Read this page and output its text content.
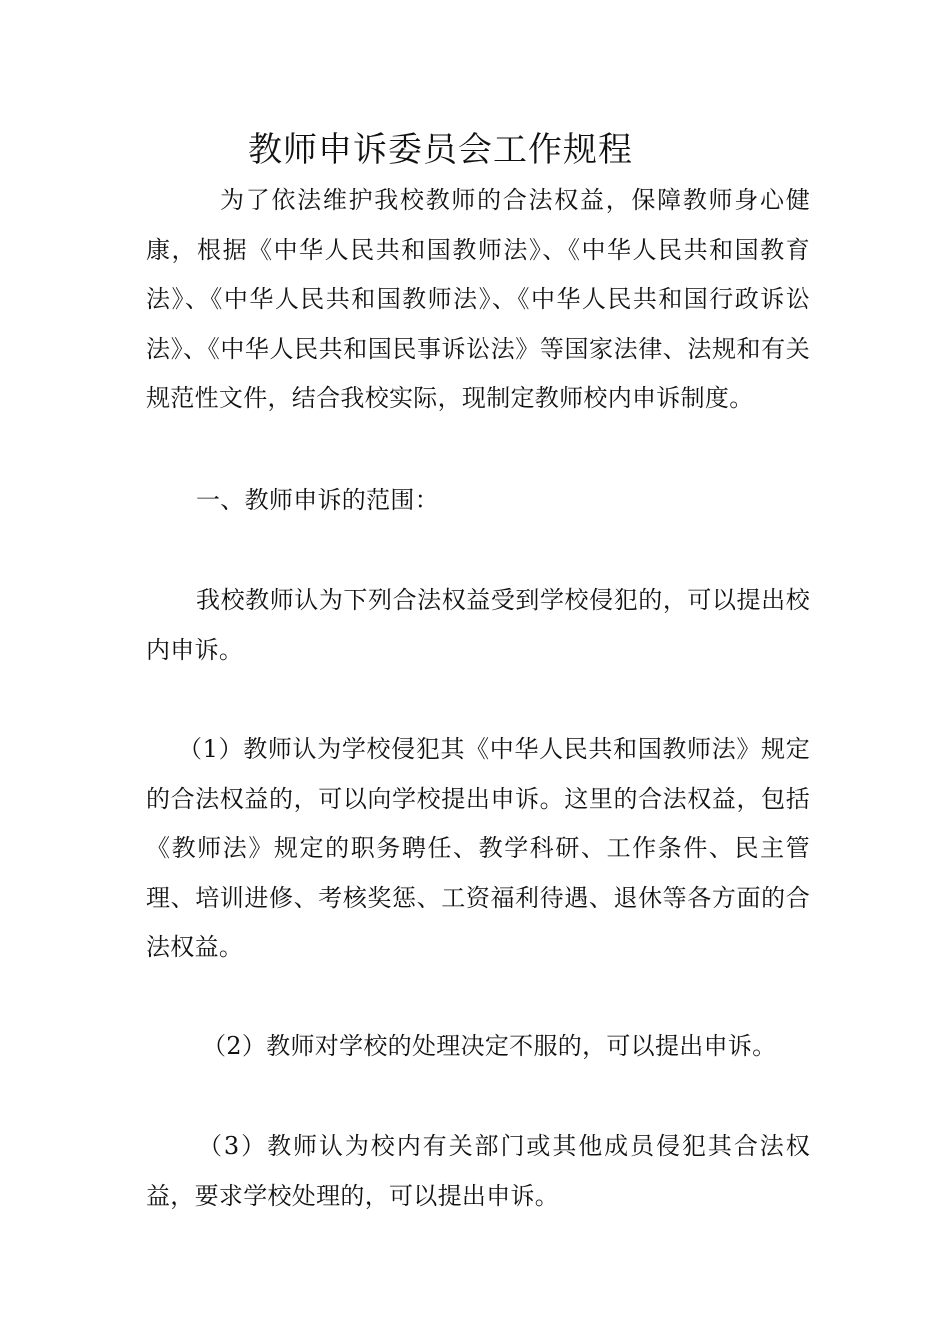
教师申诉委员会工作规程

为了依法维护我校教师的合法权益，保障教师身心健康，根据《中华人民共和国教师法》、《中华人民共和国教育法》、《中华人民共和国教师法》、《中华人民共和国行政诉讼法》、《中华人民共和国民事诉讼法》等国家法律、法规和有关规范性文件，结合我校实际，现制定教师校内申诉制度。

一、教师申诉的范围：

我校教师认为下列合法权益受到学校侵犯的，可以提出校内申诉。

（1）教师认为学校侵犯其《中华人民共和国教师法》规定的合法权益的，可以向学校提出申诉。这里的合法权益，包括《教师法》规定的职务聘任、教学科研、工作条件、民主管理、培训进修、考核奖惩、工资福利待遇、退休等各方面的合法权益。

（2）教师对学校的处理决定不服的，可以提出申诉。

（3）教师认为校内有关部门或其他成员侵犯其合法权益，要求学校处理的，可以提出申诉。
